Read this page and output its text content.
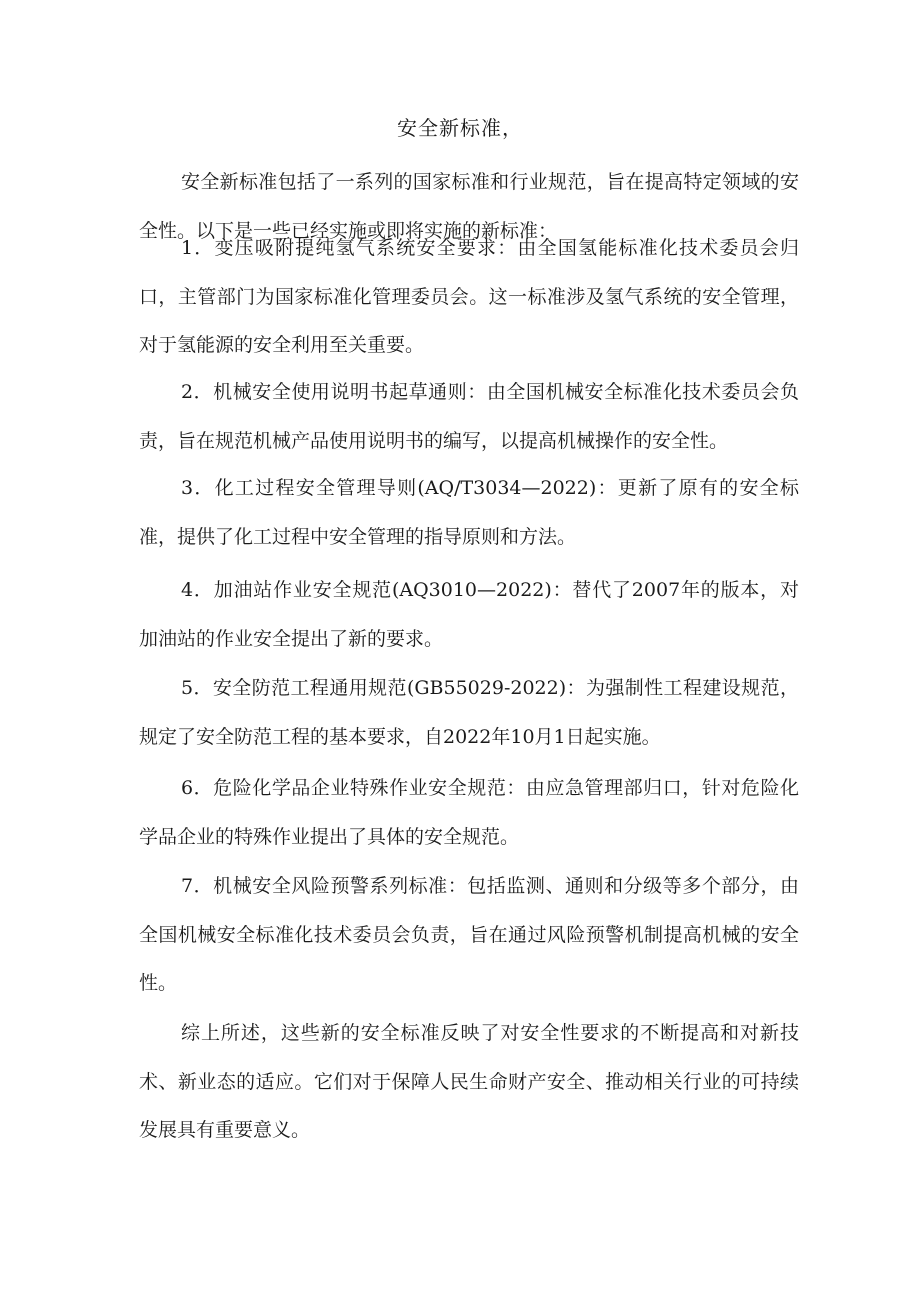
安全新标准，

安全新标准包括了一系列的国家标准和行业规范，旨在提高特定领域的安全性。以下是一些已经实施或即将实施的新标准：

1．变压吸附提纯氢气系统安全要求：由全国氢能标准化技术委员会归口，主管部门为国家标准化管理委员会。这一标准涉及氢气系统的安全管理，对于氢能源的安全利用至关重要。

2．机械安全使用说明书起草通则：由全国机械安全标准化技术委员会负责，旨在规范机械产品使用说明书的编写，以提高机械操作的安全性。

3．化工过程安全管理导则(AQ/T3034—2022)：更新了原有的安全标准，提供了化工过程中安全管理的指导原则和方法。

4．加油站作业安全规范(AQ3010—2022)：替代了2007年的版本，对加油站的作业安全提出了新的要求。

5．安全防范工程通用规范(GB55029-2022)：为强制性工程建设规范，规定了安全防范工程的基本要求，自2022年10月1日起实施。

6．危险化学品企业特殊作业安全规范：由应急管理部归口，针对危险化学品企业的特殊作业提出了具体的安全规范。

7．机械安全风险预警系列标准：包括监测、通则和分级等多个部分，由全国机械安全标准化技术委员会负责，旨在通过风险预警机制提高机械的安全性。

综上所述，这些新的安全标准反映了对安全性要求的不断提高和对新技术、新业态的适应。它们对于保障人民生命财产安全、推动相关行业的可持续发展具有重要意义。
